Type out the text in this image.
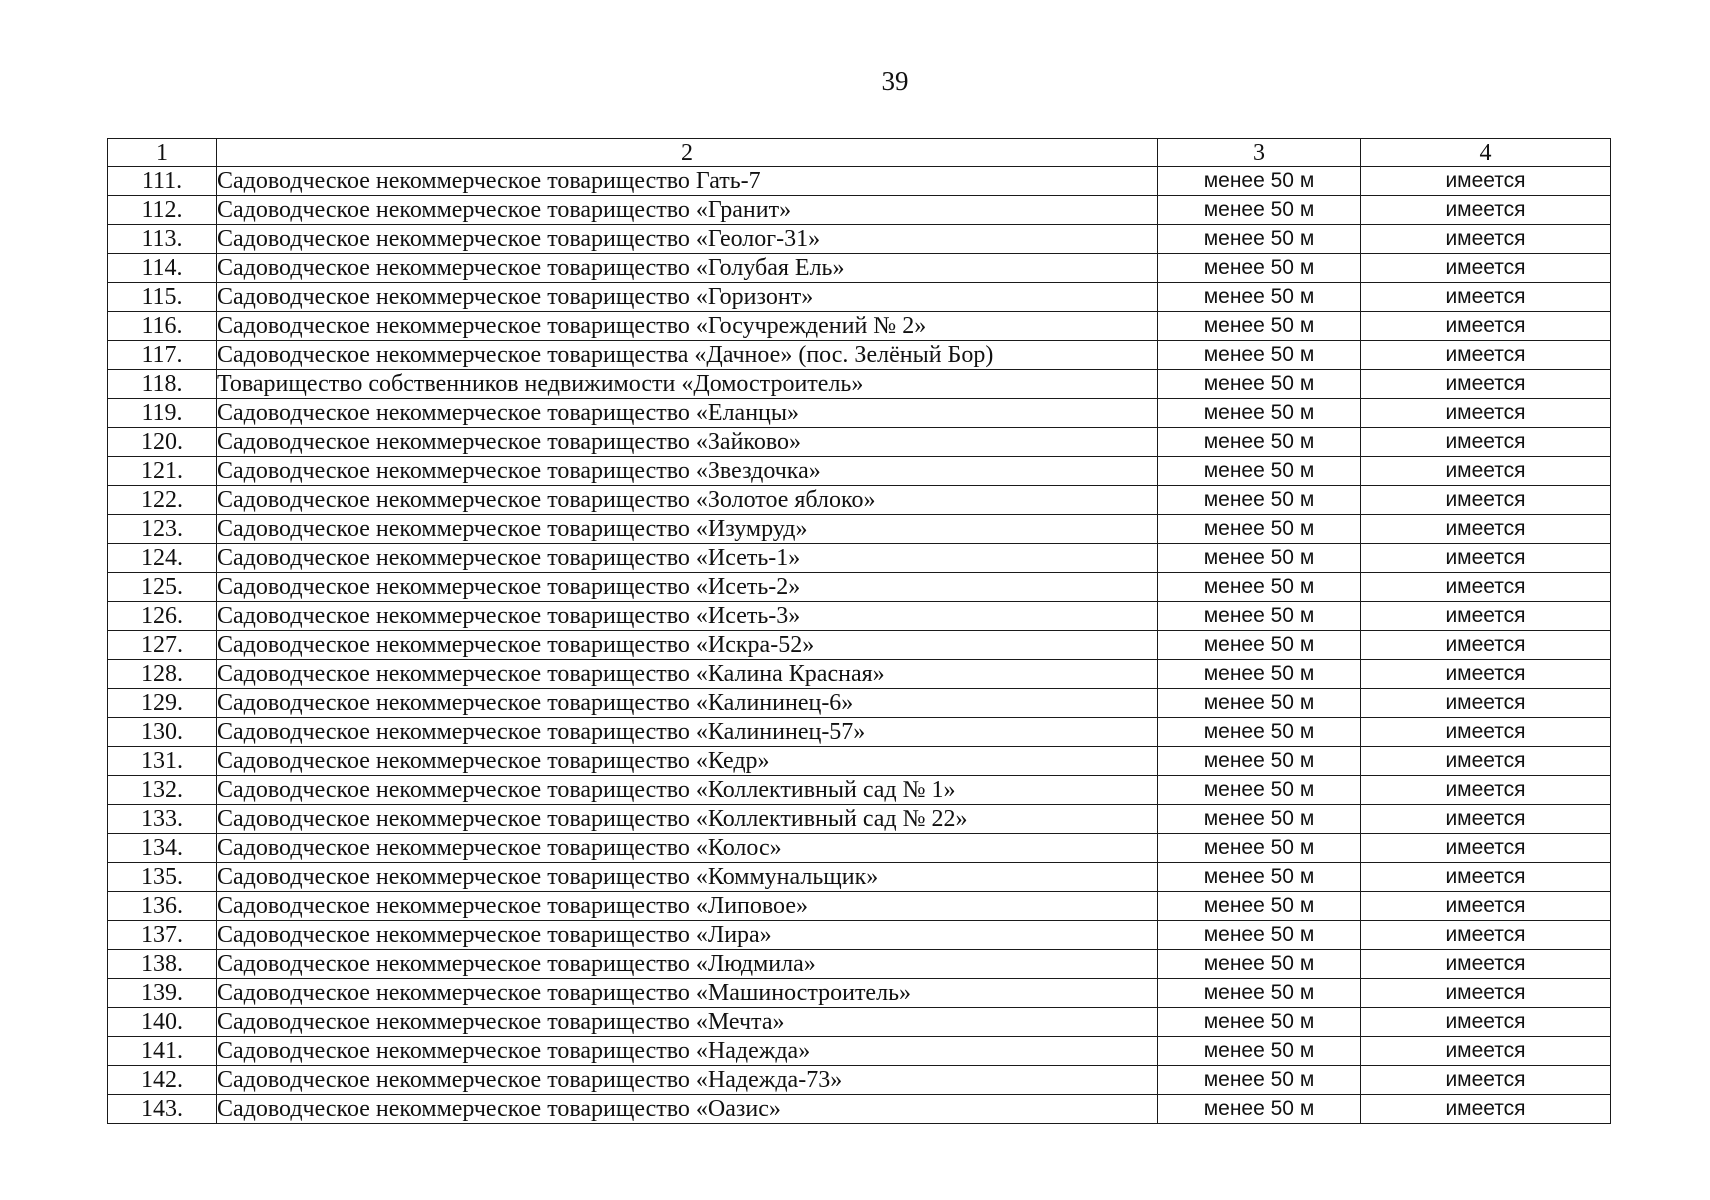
39
1	2	3	4
111.	Садоводческое некоммерческое товарищество Гать-7	менее 50 м	имеется
112.	Садоводческое некоммерческое товарищество «Гранит»	менее 50 м	имеется
113.	Садоводческое некоммерческое товарищество «Геолог-31»	менее 50 м	имеется
114.	Садоводческое некоммерческое товарищество «Голубая Ель»	менее 50 м	имеется
115.	Садоводческое некоммерческое товарищество «Горизонт»	менее 50 м	имеется
116.	Садоводческое некоммерческое товарищество «Госучреждений № 2»	менее 50 м	имеется
117.	Садоводческое некоммерческое товарищества «Дачное» (пос. Зелёный Бор)	менее 50 м	имеется
118.	Товарищество собственников недвижимости «Домостроитель»	менее 50 м	имеется
119.	Садоводческое некоммерческое товарищество «Еланцы»	менее 50 м	имеется
120.	Садоводческое некоммерческое товарищество «Зайково»	менее 50 м	имеется
121.	Садоводческое некоммерческое товарищество «Звездочка»	менее 50 м	имеется
122.	Садоводческое некоммерческое товарищество «Золотое яблоко»	менее 50 м	имеется
123.	Садоводческое некоммерческое товарищество «Изумруд»	менее 50 м	имеется
124.	Садоводческое некоммерческое товарищество «Исеть-1»	менее 50 м	имеется
125.	Садоводческое некоммерческое товарищество «Исеть-2»	менее 50 м	имеется
126.	Садоводческое некоммерческое товарищество «Исеть-3»	менее 50 м	имеется
127.	Садоводческое некоммерческое товарищество «Искра-52»	менее 50 м	имеется
128.	Садоводческое некоммерческое товарищество «Калина Красная»	менее 50 м	имеется
129.	Садоводческое некоммерческое товарищество «Калининец-6»	менее 50 м	имеется
130.	Садоводческое некоммерческое товарищество «Калининец-57»	менее 50 м	имеется
131.	Садоводческое некоммерческое товарищество «Кедр»	менее 50 м	имеется
132.	Садоводческое некоммерческое товарищество «Коллективный сад № 1»	менее 50 м	имеется
133.	Садоводческое некоммерческое товарищество «Коллективный сад № 22»	менее 50 м	имеется
134.	Садоводческое некоммерческое товарищество «Колос»	менее 50 м	имеется
135.	Садоводческое некоммерческое товарищество «Коммунальщик»	менее 50 м	имеется
136.	Садоводческое некоммерческое товарищество «Липовое»	менее 50 м	имеется
137.	Садоводческое некоммерческое товарищество «Лира»	менее 50 м	имеется
138.	Садоводческое некоммерческое товарищество «Людмила»	менее 50 м	имеется
139.	Садоводческое некоммерческое товарищество «Машиностроитель»	менее 50 м	имеется
140.	Садоводческое некоммерческое товарищество «Мечта»	менее 50 м	имеется
141.	Садоводческое некоммерческое товарищество «Надежда»	менее 50 м	имеется
142.	Садоводческое некоммерческое товарищество «Надежда-73»	менее 50 м	имеется
143.	Садоводческое некоммерческое товарищество «Оазис»	менее 50 м	имеется
